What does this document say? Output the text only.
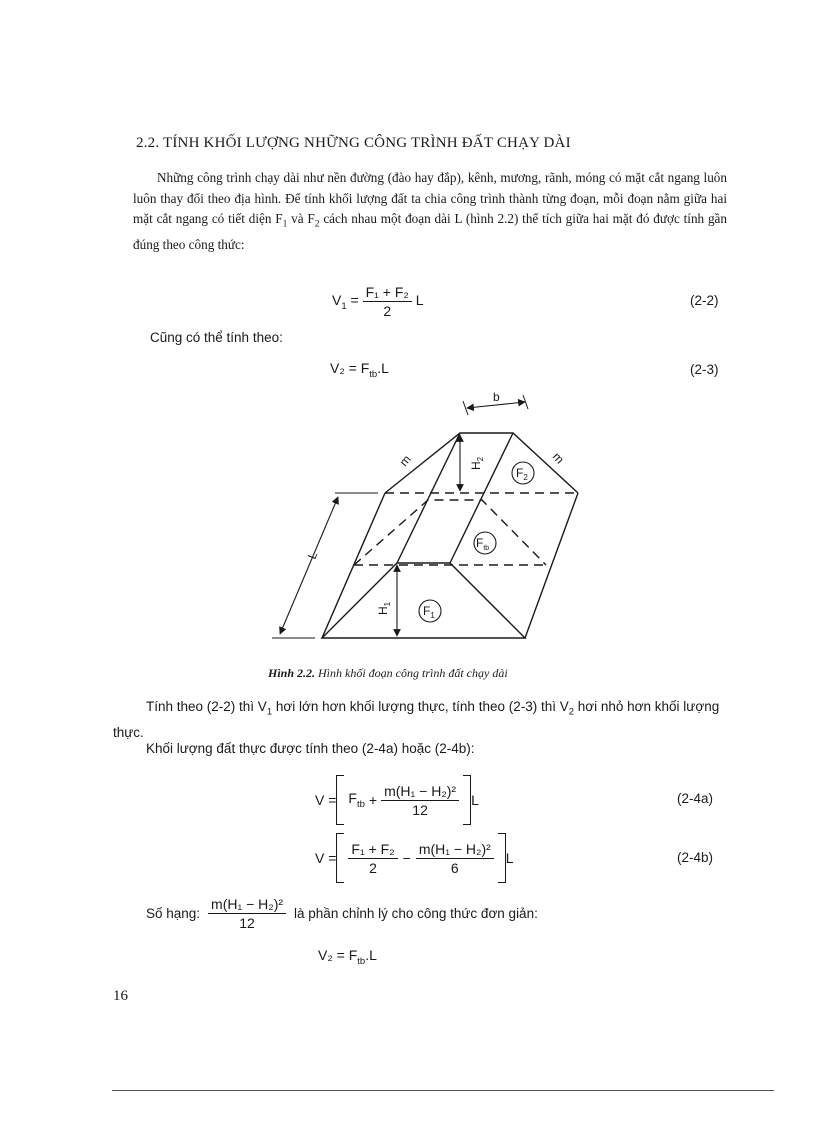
2.2. TÍNH KHỐI LƯỢNG NHỮNG CÔNG TRÌNH ĐẤT CHẠY DÀI
Những công trình chạy dài như nền đường (đào hay đắp), kênh, mương, rãnh, móng có mặt cắt ngang luôn luôn thay đổi theo địa hình. Để tính khối lượng đất ta chia công trình thành từng đoạn, mỗi đoạn nằm giữa hai mặt cắt ngang có tiết diện $F_1$ và $F_2$ cách nhau một đoạn dài L (hình 2.2) thể tích giữa hai mặt đó được tính gần đúng theo công thức:
$V_1 = \frac{\text{F₁ + F₂}}{2}$ L	(2-2)
Cũng có thể tính theo:
$V_2 = F_{tb}.L$	(2-3)
b
m	m
L
$H_2$
$H_1$
$F_2$
$F_{tb}$
$F_1$
Hình 2.2. Hình khối đoạn công trình đất chạy dài
Tính theo (2-2) thì $V_1$ hơi lớn hơn khối lượng thực, tính theo (2-3) thì $V_2$ hơi nhỏ hơn khối lượng thực.
Khối lượng đất thực được tính theo (2-4a) hoặc (2-4b):
$V = F_{tb} + \frac{\text{m(H₁ − H₂)²}}{12}$ L	(2-4a)
$V = \frac{\text{F₁ + F₂}}{2} - \frac{\text{m(H₁ − H₂)²}}{6}$ L	(2-4b)
Số hạng: $\frac{\text{m(H₁ − H₂)²}}{12}$ là phần chỉnh lý cho công thức đơn giản:
$V_2 = F_{tb}.L$
16
